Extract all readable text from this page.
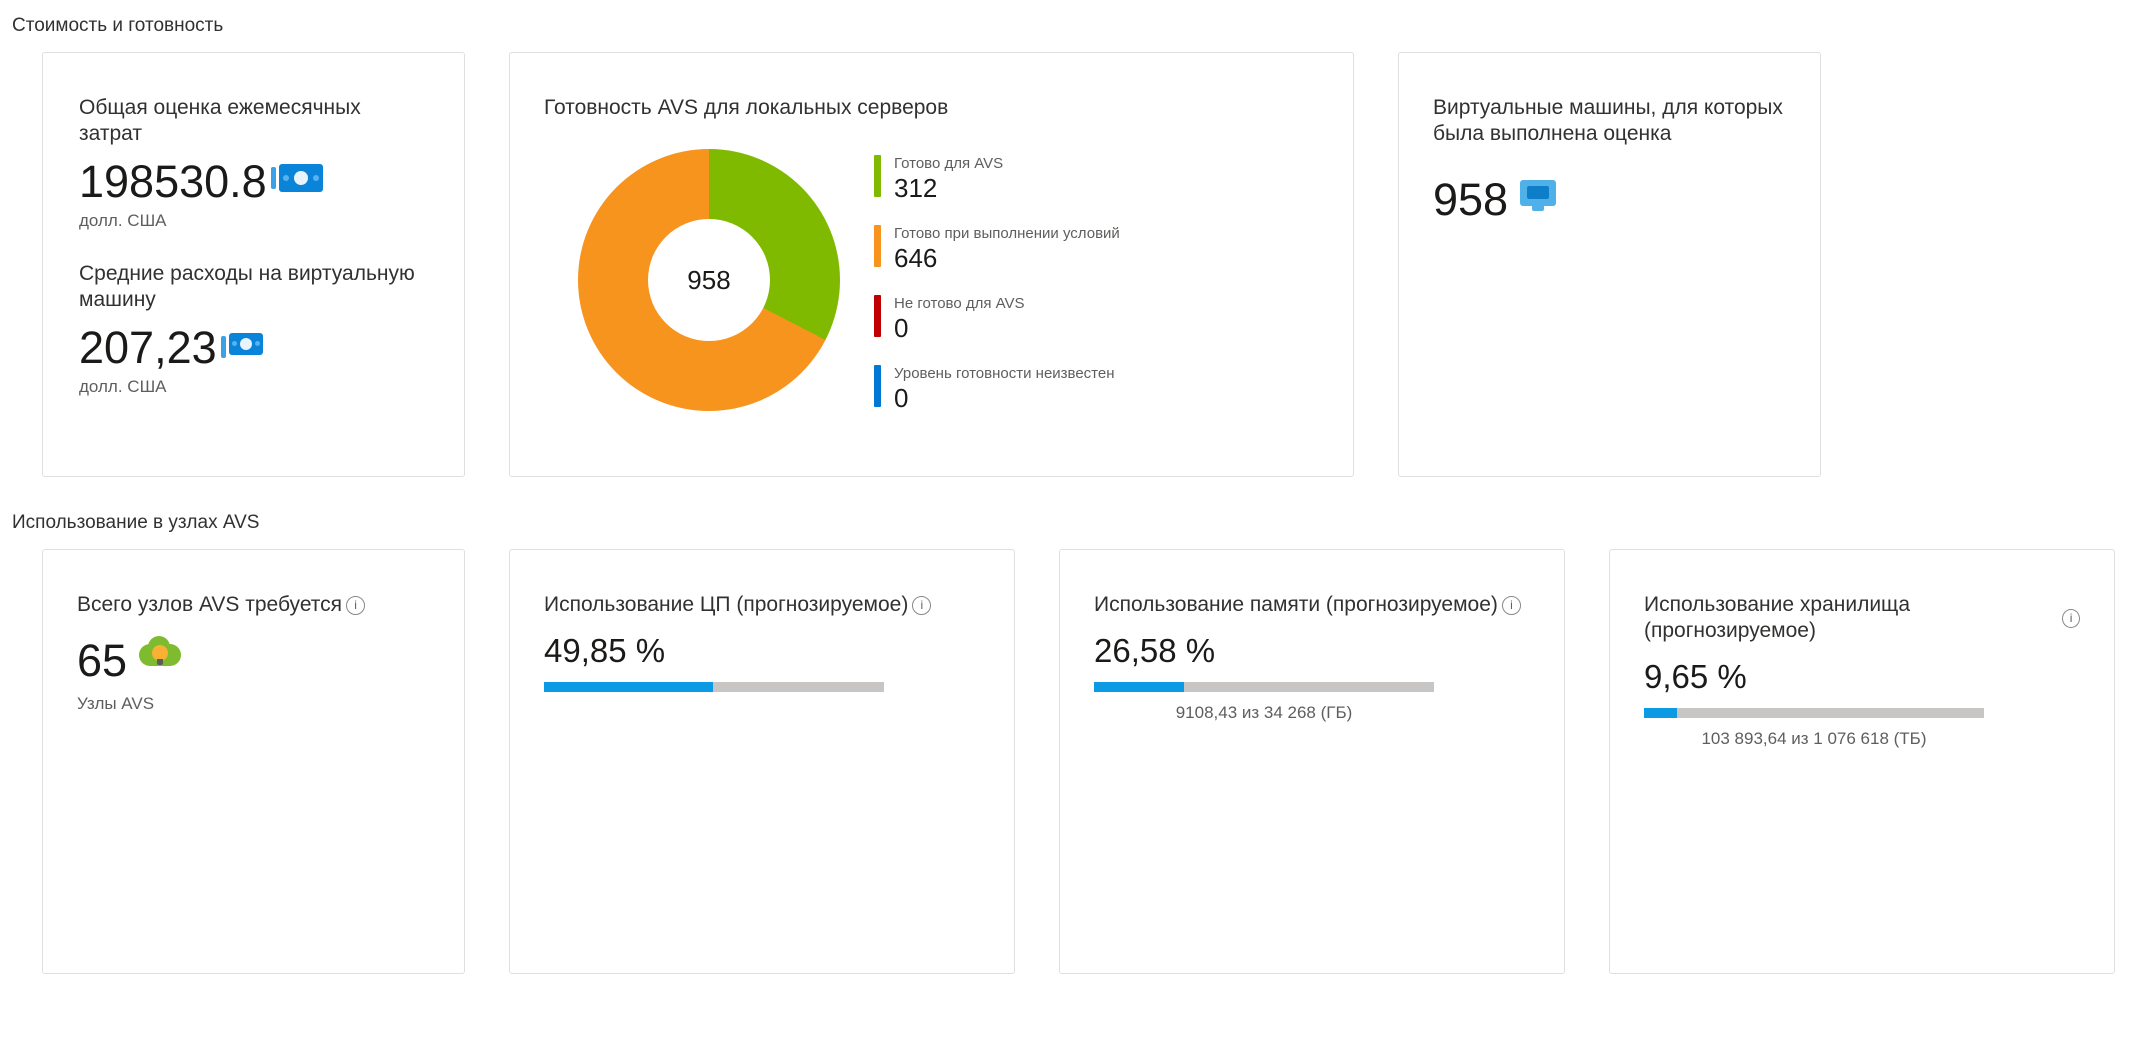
Стоимость и готовность
Общая оценка ежемесячных затрат
198530.8
долл. США
Средние расходы на виртуальную машину
207,23
долл. США
Готовность AVS для локальных серверов
958
Готово для AVS
312
Готово при выполнении условий
646
Не готово для AVS
0
Уровень готовности неизвестен
0
Виртуальные машины, для которых была выполнена оценка
958
Использование в узлах AVS
Всего узлов AVS требуется	i
65
Узлы AVS
Использование ЦП (прогнозируемое)	i
49,85 %
Использование памяти (прогнозируемое)	i
26,58 %
9108,43 из 34 268 (ГБ)
Использование хранилища (прогнозируемое)
i
9,65 %
103 893,64 из 1 076 618 (ТБ)
